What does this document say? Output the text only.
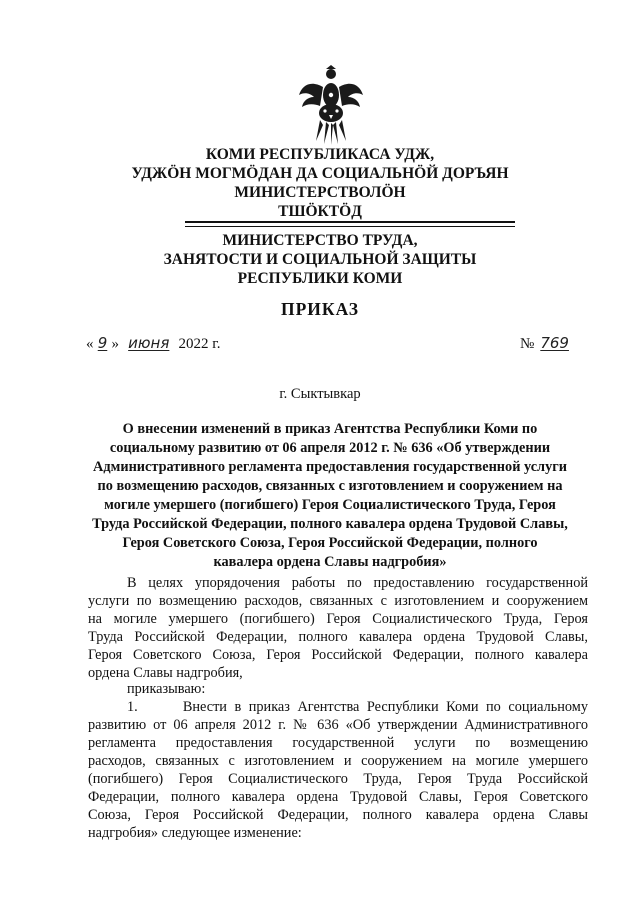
КОМИ РЕСПУБЛИКАСА УДЖ,
УДЖӦН МОГМӦДАН ДА СОЦИАЛЬНӦЙ ДОРЪЯН
МИНИСТЕРСТВОЛӦН
ТШӦКТӦД
МИНИСТЕРСТВО ТРУДА,
ЗАНЯТОСТИ И СОЦИАЛЬНОЙ ЗАЩИТЫ
РЕСПУБЛИКИ КОМИ
ПРИКАЗ
« 9 » июня 2022 г.	№ 769
г. Сыктывкар
О внесении изменений в приказ Агентства Республики Коми по
социальному развитию от 06 апреля 2012 г. № 636 «Об утверждении
Административного регламента предоставления государственной услуги
по возмещению расходов, связанных с изготовлением и сооружением на
могиле умершего (погибшего) Героя Социалистического Труда, Героя
Труда Российской Федерации, полного кавалера ордена Трудовой Славы,
Героя Советского Союза, Героя Российской Федерации, полного
кавалера ордена Славы надгробия»
В целях упорядочения работы по предоставлению государственной
услуги по возмещению расходов, связанных с изготовлением и сооружением
на могиле умершего (погибшего) Героя Социалистического Труда, Героя
Труда Российской Федерации, полного кавалера ордена Трудовой Славы,
Героя Советского Союза, Героя Российской Федерации, полного кавалера
ордена Славы надгробия,
приказываю:
1.      Внести в приказ Агентства Республики Коми по социальному
развитию от 06 апреля 2012 г. № 636 «Об утверждении Административного
регламента предоставления государственной услуги по возмещению
расходов, связанных с изготовлением и сооружением на могиле умершего
(погибшего) Героя Социалистического Труда, Героя Труда Российской
Федерации, полного кавалера ордена Трудовой Славы, Героя Советского
Союза, Героя Российской Федерации, полного кавалера ордена Славы
надгробия» следующее изменение:
